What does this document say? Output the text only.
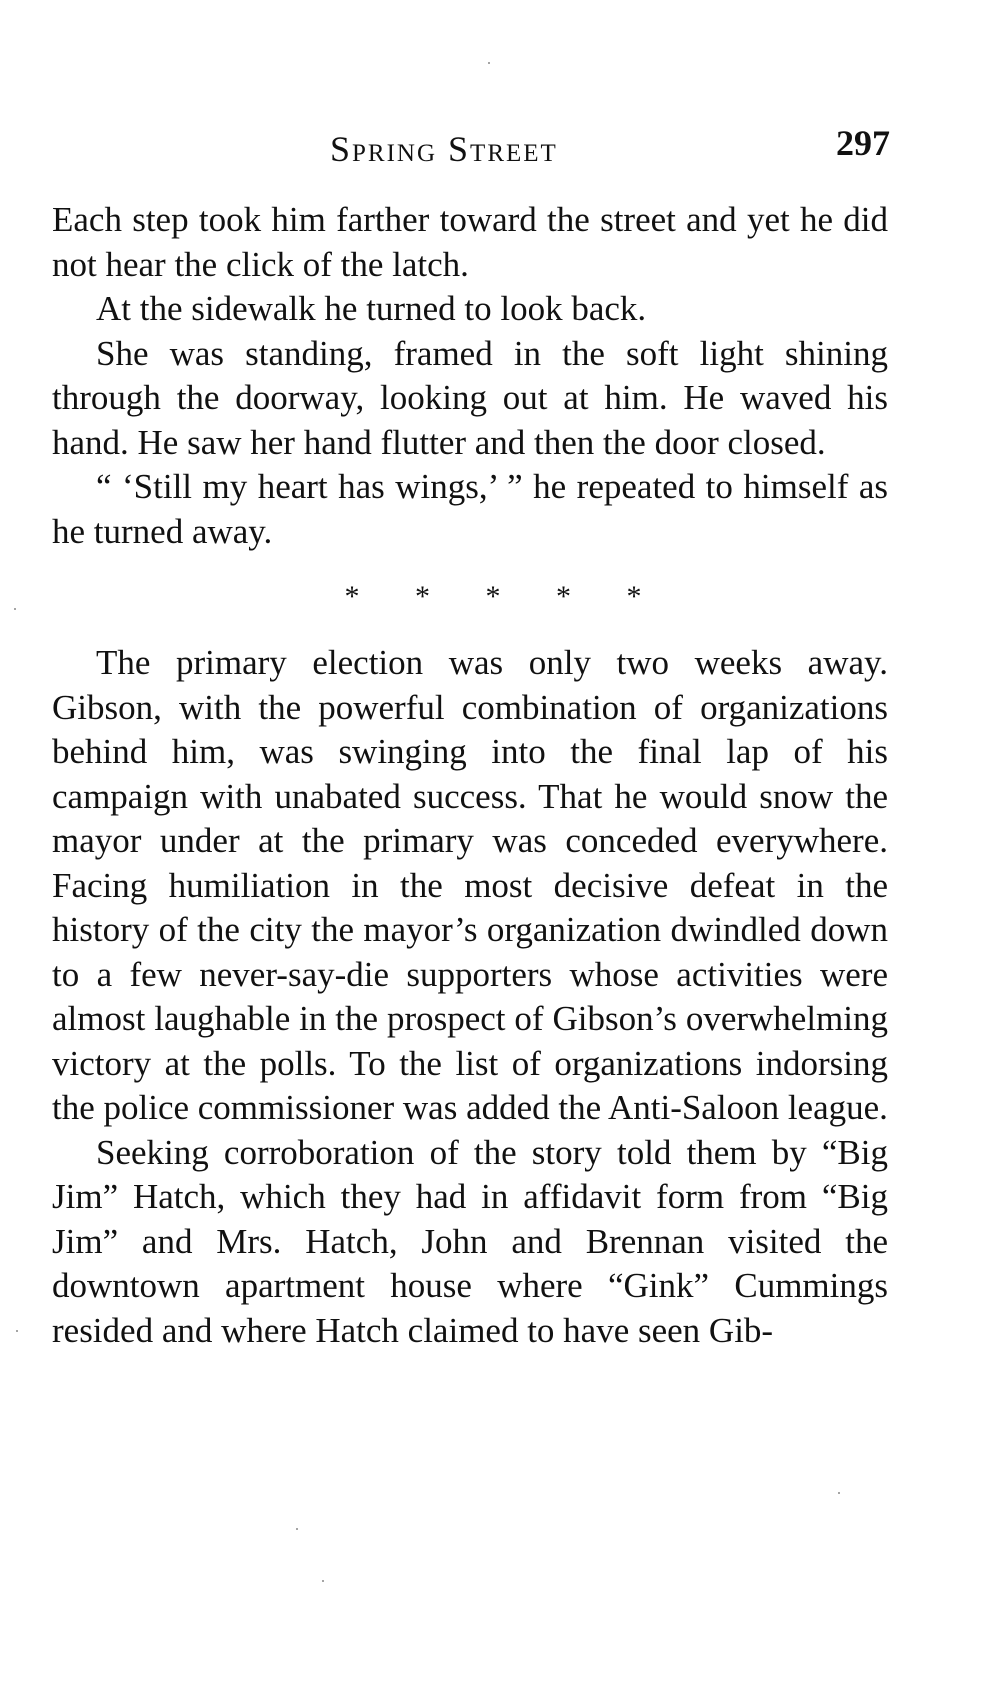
Spring Street	297

Each step took him farther toward the street and yet he did not hear the click of the latch.

At the sidewalk he turned to look back.

She was standing, framed in the soft light shining through the doorway, looking out at him. He waved his hand. He saw her hand flutter and then the door closed.

“ ‘Still my heart has wings,’ ” he repeated to himself as he turned away.

* * * * *

The primary election was only two weeks away. Gibson, with the powerful combination of organizations behind him, was swinging into the final lap of his campaign with unabated success. That he would snow the mayor under at the primary was conceded everywhere. Facing humiliation in the most decisive defeat in the history of the city the mayor’s organization dwindled down to a few never-say-die supporters whose activities were almost laughable in the prospect of Gibson’s overwhelming victory at the polls. To the list of organizations indorsing the police commissioner was added the Anti-Saloon league.

Seeking corroboration of the story told them by “Big Jim” Hatch, which they had in affidavit form from “Big Jim” and Mrs. Hatch, John and Brennan visited the downtown apartment house where “Gink” Cummings resided and where Hatch claimed to have seen Gib-
